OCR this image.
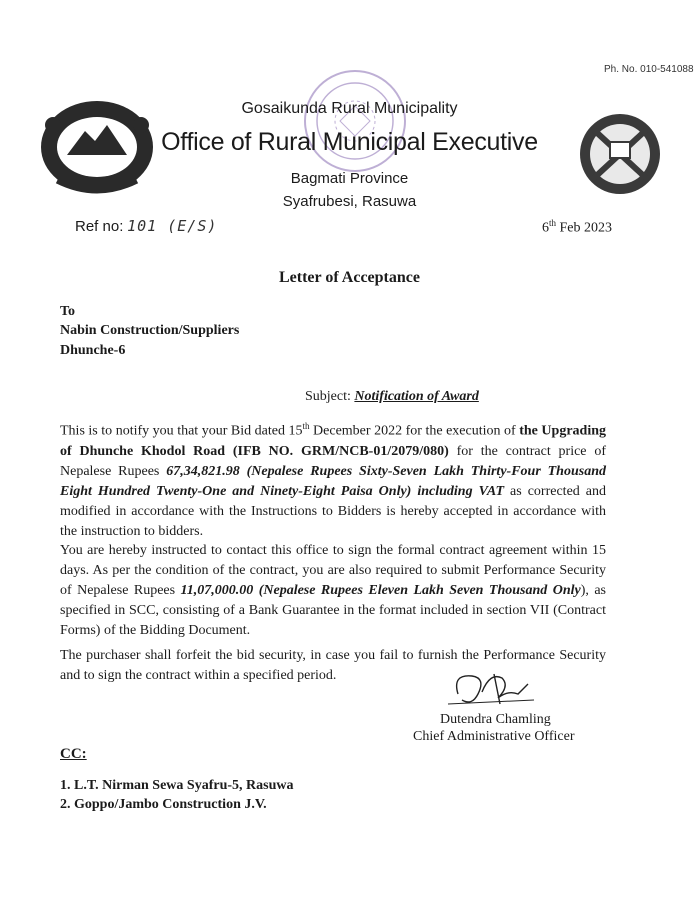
Ph. No. 010-541088
Gosaikunda Rural Municipality
Office of Rural Municipal Executive
Bagmati Province
Syafrubesi, Rasuwa
Ref no: 101 (E/S)	6th Feb 2023
Letter of Acceptance
To
Nabin Construction/Suppliers
Dhunche-6
Subject: Notification of Award
This is to notify you that your Bid dated 15th December 2022 for the execution of the Upgrading of Dhunche Khodol Road (IFB NO. GRM/NCB-01/2079/080) for the contract price of Nepalese Rupees 67,34,821.98 (Nepalese Rupees Sixty-Seven Lakh Thirty-Four Thousand Eight Hundred Twenty-One and Ninety-Eight Paisa Only) including VAT as corrected and modified in accordance with the Instructions to Bidders is hereby accepted in accordance with the instruction to bidders.
You are hereby instructed to contact this office to sign the formal contract agreement within 15 days. As per the condition of the contract, you are also required to submit Performance Security of Nepalese Rupees 11,07,000.00 (Nepalese Rupees Eleven Lakh Seven Thousand Only), as specified in SCC, consisting of a Bank Guarantee in the format included in section VII (Contract Forms) of the Bidding Document.
The purchaser shall forfeit the bid security, in case you fail to furnish the Performance Security and to sign the contract within a specified period.
Dutendra Chamling
Chief Administrative Officer
CC:
1. L.T. Nirman Sewa Syafru-5, Rasuwa
2. Goppo/Jambo Construction J.V.
